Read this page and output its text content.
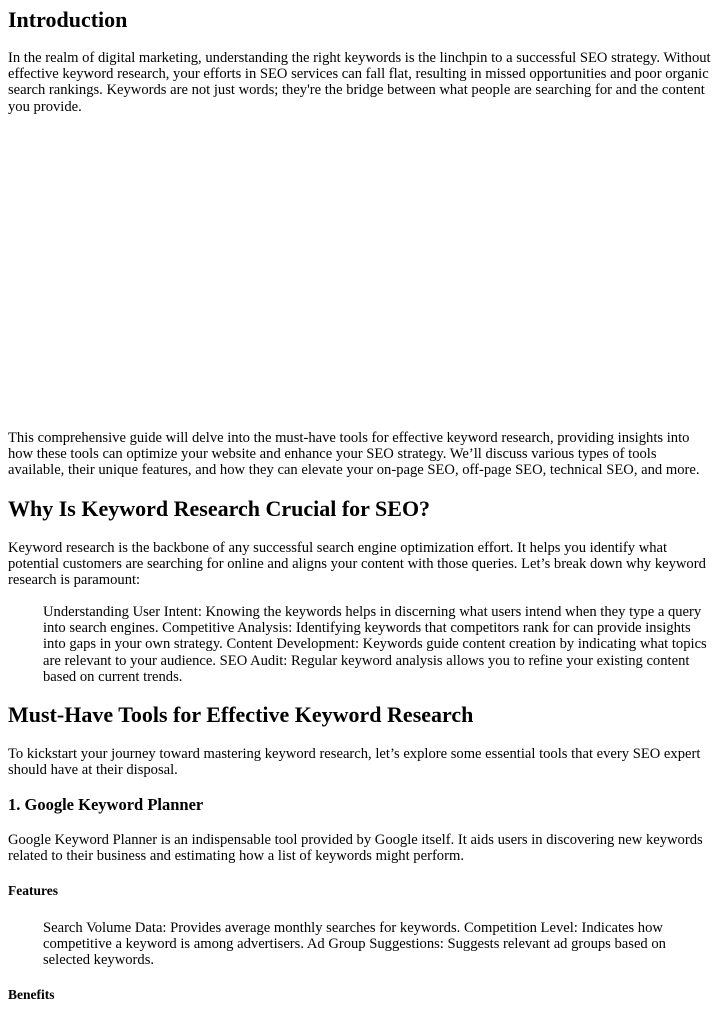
Introduction

In the realm of digital marketing, understanding the right keywords is the linchpin to a successful SEO strategy. Without effective keyword research, your efforts in SEO services can fall flat, resulting in missed opportunities and poor organic search rankings. Keywords are not just words; they're the bridge between what people are searching for and the content you provide.

This comprehensive guide will delve into the must-have tools for effective keyword research, providing insights into how these tools can optimize your website and enhance your SEO strategy. We’ll discuss various types of tools available, their unique features, and how they can elevate your on-page SEO, off-page SEO, technical SEO, and more.

Why Is Keyword Research Crucial for SEO?

Keyword research is the backbone of any successful search engine optimization effort. It helps you identify what potential customers are searching for online and aligns your content with those queries. Let’s break down why keyword research is paramount:

Understanding User Intent: Knowing the keywords helps in discerning what users intend when they type a query into search engines. Competitive Analysis: Identifying keywords that competitors rank for can provide insights into gaps in your own strategy. Content Development: Keywords guide content creation by indicating what topics are relevant to your audience. SEO Audit: Regular keyword analysis allows you to refine your existing content based on current trends.
Must-Have Tools for Effective Keyword Research

To kickstart your journey toward mastering keyword research, let’s explore some essential tools that every SEO expert should have at their disposal.

1. Google Keyword Planner

Google Keyword Planner is an indispensable tool provided by Google itself. It aids users in discovering new keywords related to their business and estimating how a list of keywords might perform.

Features
Search Volume Data: Provides average monthly searches for keywords. Competition Level: Indicates how competitive a keyword is among advertisers. Ad Group Suggestions: Suggests relevant ad groups based on selected keywords.
Benefits
